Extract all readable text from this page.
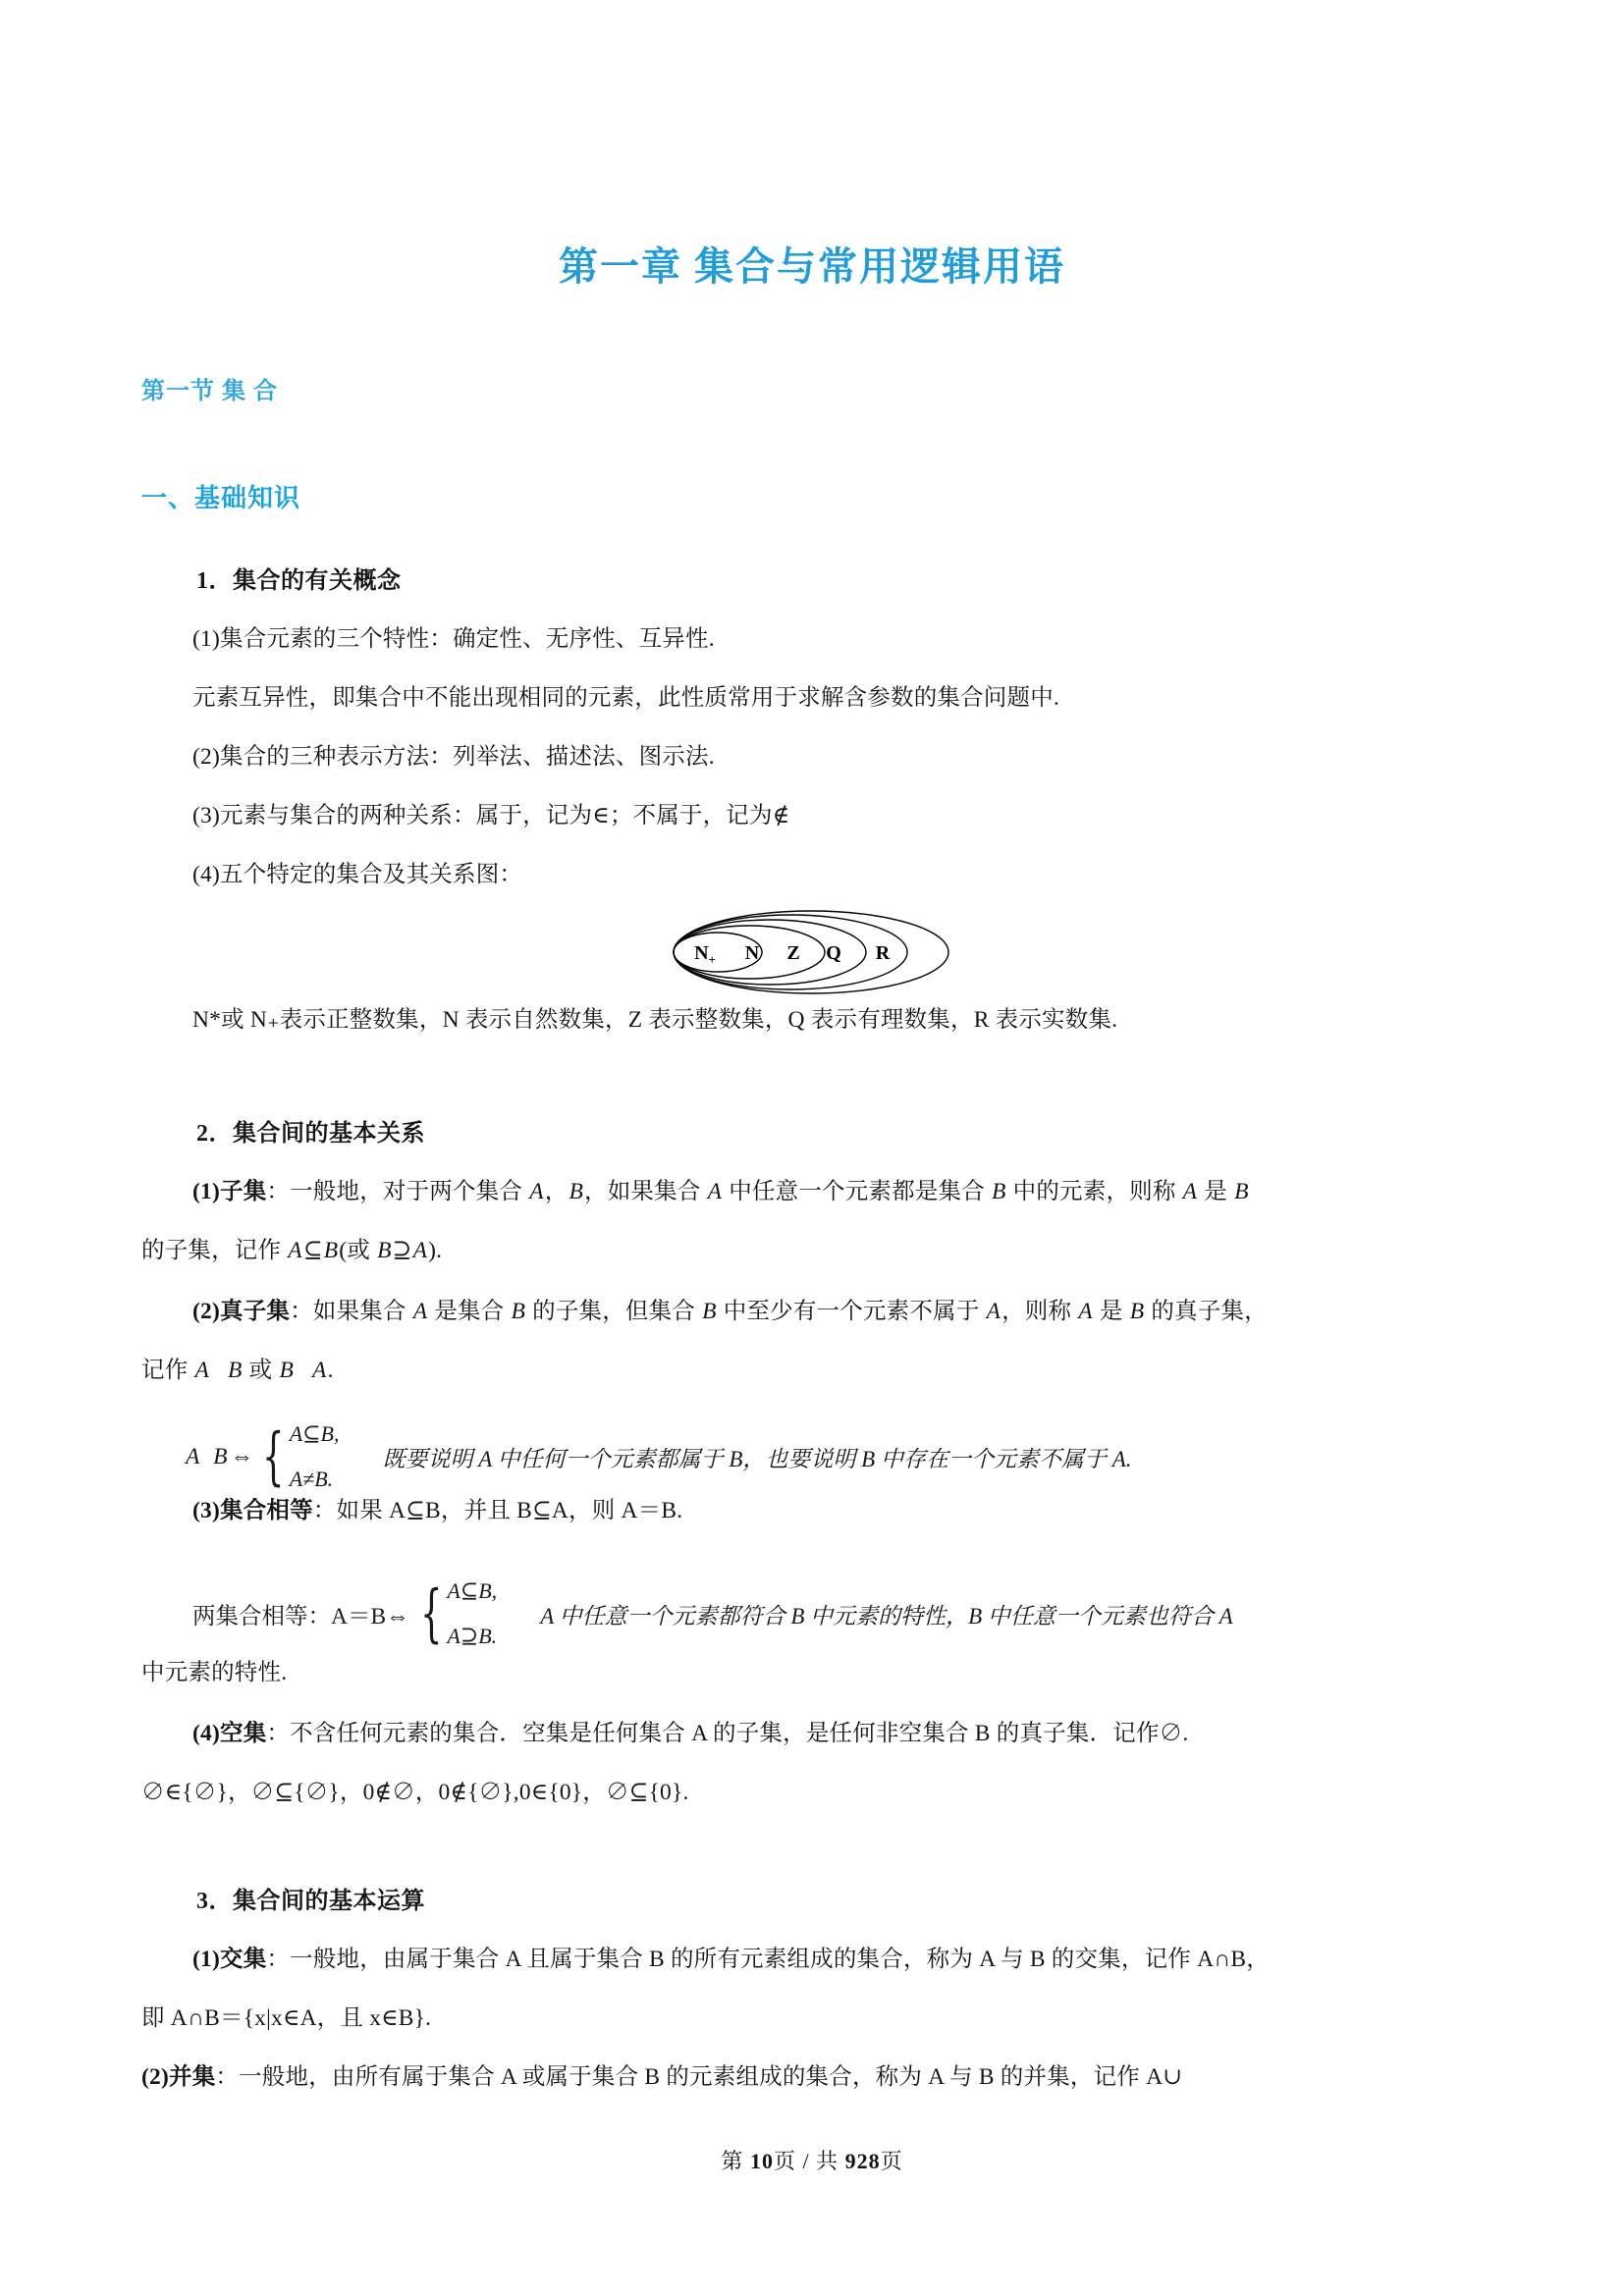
第一章 集合与常用逻辑用语
第一节 集 合
一、基础知识
1．集合的有关概念
(1)集合元素的三个特性：确定性、无序性、互异性.
元素互异性，即集合中不能出现相同的元素，此性质常用于求解含参数的集合问题中.
(2)集合的三种表示方法：列举法、描述法、图示法.
(3)元素与集合的两种关系：属于，记为∈；不属于，记为∉
(4)五个特定的集合及其关系图：
$N_+$ N Z Q R
N*或 N₊表示正整数集，N 表示自然数集，Z 表示整数集，Q 表示有理数集，R 表示实数集.
2．集合间的基本关系
(1)子集：一般地，对于两个集合 A，B，如果集合 A 中任意一个元素都是集合 B 中的元素，则称 A 是 B
的子集，记作 A⊆B(或 B⊇A).
(2)真子集：如果集合 A 是集合 B 的子集，但集合 B 中至少有一个元素不属于 A，则称 A 是 B 的真子集，
记作 A B 或 B A.
A B ⇔ { A⊆B,
A≠B.
既要说明 A 中任何一个元素都属于 B，也要说明 B 中存在一个元素不属于 A.
(3)集合相等：如果 A⊆B，并且 B⊆A，则 A＝B.
两集合相等：A＝B⇔ { A⊆B,
A⊇B.
A 中任意一个元素都符合 B 中元素的特性，B 中任意一个元素也符合 A
中元素的特性.
(4)空集：不含任何元素的集合．空集是任何集合 A 的子集，是任何非空集合 B 的真子集．记作∅.
∅∈{∅}，∅⊆{∅}，0∉∅，0∉{∅},0∈{0}，∅⊆{0}.
3．集合间的基本运算
(1)交集：一般地，由属于集合 A 且属于集合 B 的所有元素组成的集合，称为 A 与 B 的交集，记作 A∩B，
即 A∩B＝{x|x∈A，且 x∈B}.
(2)并集：一般地，由所有属于集合 A 或属于集合 B 的元素组成的集合，称为 A 与 B 的并集，记作 A∪
第 10页 / 共 928页
